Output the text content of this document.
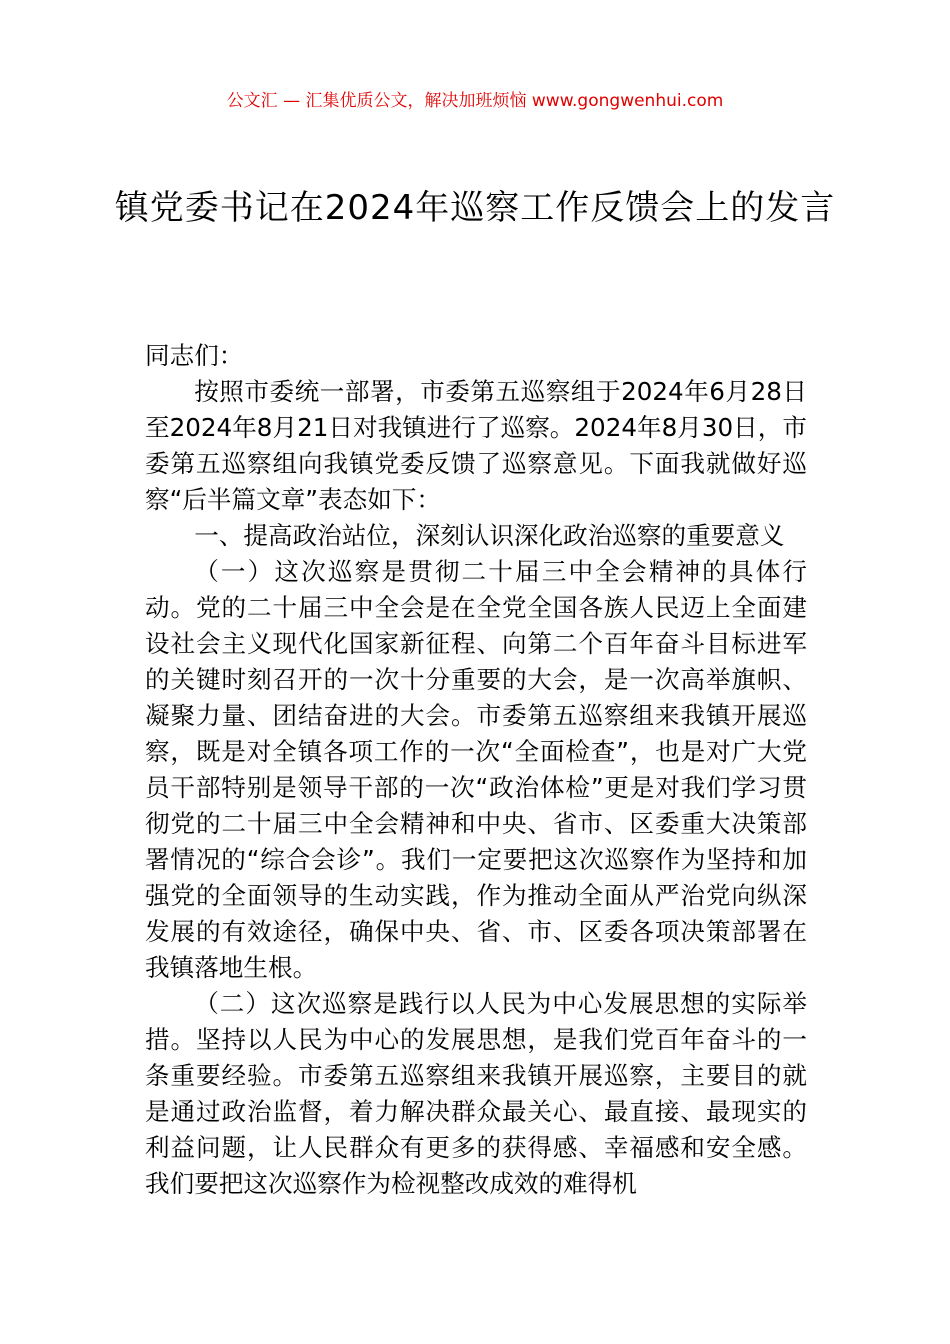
公文汇 — 汇集优质公文，解决加班烦恼 www.gongwenhui.com
镇党委书记在2024年巡察工作反馈会上的发言

同志们：

按照市委统一部署，市委第五巡察组于2024年6月28日至2024年8月21日对我镇进行了巡察。2024年8月30日，市委第五巡察组向我镇党委反馈了巡察意见。下面我就做好巡察“后半篇文章”表态如下：

一、提高政治站位，深刻认识深化政治巡察的重要意义

（一）这次巡察是贯彻二十届三中全会精神的具体行动。党的二十届三中全会是在全党全国各族人民迈上全面建设社会主义现代化国家新征程、向第二个百年奋斗目标进军的关键时刻召开的一次十分重要的大会，是一次高举旗帜、凝聚力量、团结奋进的大会。市委第五巡察组来我镇开展巡察，既是对全镇各项工作的一次“全面检查”，也是对广大党员干部特别是领导干部的一次“政治体检”更是对我们学习贯彻党的二十届三中全会精神和中央、省市、区委重大决策部署情况的“综合会诊”。我们一定要把这次巡察作为坚持和加强党的全面领导的生动实践，作为推动全面从严治党向纵深发展的有效途径，确保中央、省、市、区委各项决策部署在我镇落地生根。

（二）这次巡察是践行以人民为中心发展思想的实际举措。坚持以人民为中心的发展思想，是我们党百年奋斗的一条重要经验。市委第五巡察组来我镇开展巡察，主要目的就是通过政治监督，着力解决群众最关心、最直接、最现实的利益问题，让人民群众有更多的获得感、幸福感和安全感。我们要把这次巡察作为检视整改成效的难得机
